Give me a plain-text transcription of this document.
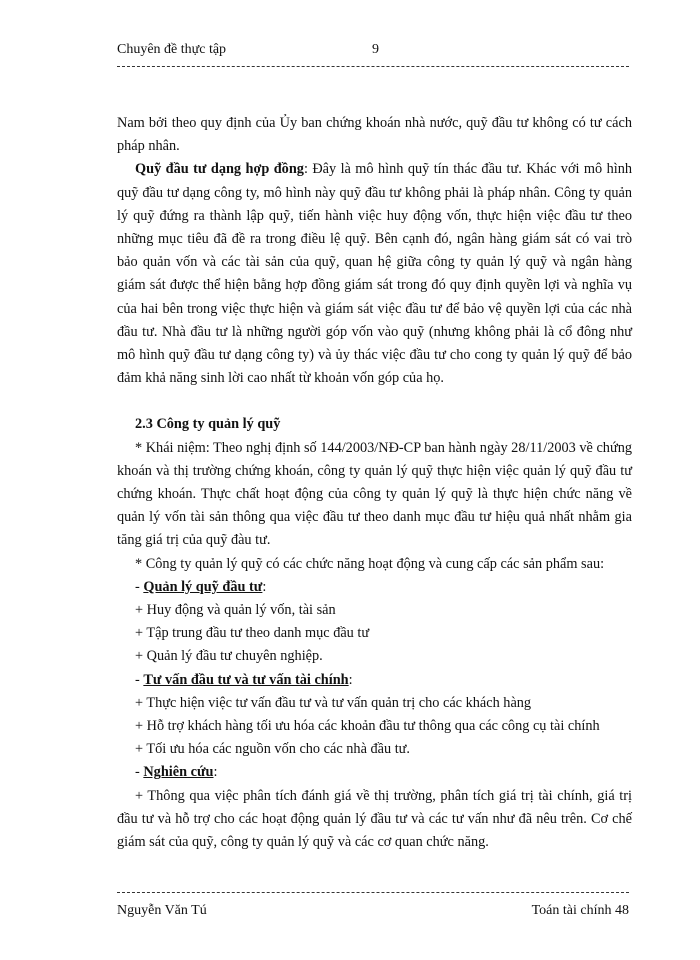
Chuyên đề thực tập	9

Nam bởi theo quy định của Ủy ban chứng khoán nhà nước, quỹ đầu tư không có tư cách pháp nhân.

Quỹ đầu tư dạng hợp đồng: Đây là mô hình quỹ tín thác đầu tư. Khác với mô hình quỹ đầu tư dạng công ty, mô hình này quỹ đầu tư không phải là pháp nhân. Công ty quản lý quỹ đứng ra thành lập quỹ, tiến hành việc huy động vốn, thực hiện việc đầu tư theo những mục tiêu đã đề ra trong điều lệ quỹ. Bên cạnh đó, ngân hàng giám sát có vai trò bảo quản vốn và các tài sản của quỹ, quan hệ giữa công ty quản lý quỹ và ngân hàng giám sát được thể hiện bằng hợp đồng giám sát trong đó quy định quyền lợi và nghĩa vụ của hai bên trong việc thực hiện và giám sát việc đầu tư để bảo vệ quyền lợi của các nhà đầu tư. Nhà đầu tư là những người góp vốn vào quỹ (nhưng không phải là cổ đông như mô hình quỹ đầu tư dạng công ty) và ủy thác việc đầu tư cho cong ty quản lý quỹ để bảo đảm khả năng sinh lời cao nhất từ khoản vốn góp của họ.

2.3 Công ty quản lý quỹ

* Khái niệm: Theo nghị định số 144/2003/NĐ-CP ban hành ngày 28/11/2003 về chứng khoán và thị trường chứng khoán, công ty quản lý quỹ thực hiện việc quản lý quỹ đầu tư chứng khoán. Thực chất hoạt động của công ty quản lý quỹ là thực hiện chức năng về quản lý vốn tài sản thông qua việc đầu tư theo danh mục đầu tư hiệu quả nhất nhằm gia tăng giá trị của quỹ đàu tư.

* Công ty quản lý quỹ có các chức năng hoạt động và cung cấp các sản phẩm sau:

- Quản lý quỹ đầu tư:

+ Huy động và quản lý vốn, tài sản

+ Tập trung đầu tư theo danh mục đầu tư

+ Quản lý đầu tư chuyên nghiệp.

- Tư vấn đầu tư và tư vấn tài chính:

+ Thực hiện việc tư vấn đầu tư và tư vấn quản trị cho các khách hàng

+ Hỗ trợ khách hàng tối ưu hóa các khoản đầu tư thông qua các công cụ tài chính

+ Tối ưu hóa các nguồn vốn cho các nhà đầu tư.

- Nghiên cứu:

+ Thông qua việc phân tích đánh giá về thị trường, phân tích giá trị tài chính, giá trị đầu tư và hỗ trợ cho các hoạt động quản lý đầu tư và các tư vấn như đã nêu trên. Cơ chế giám sát của quỹ, công ty quản lý quỹ và các cơ quan chức năng.

Nguyễn Văn Tú	Toán tài chính 48
